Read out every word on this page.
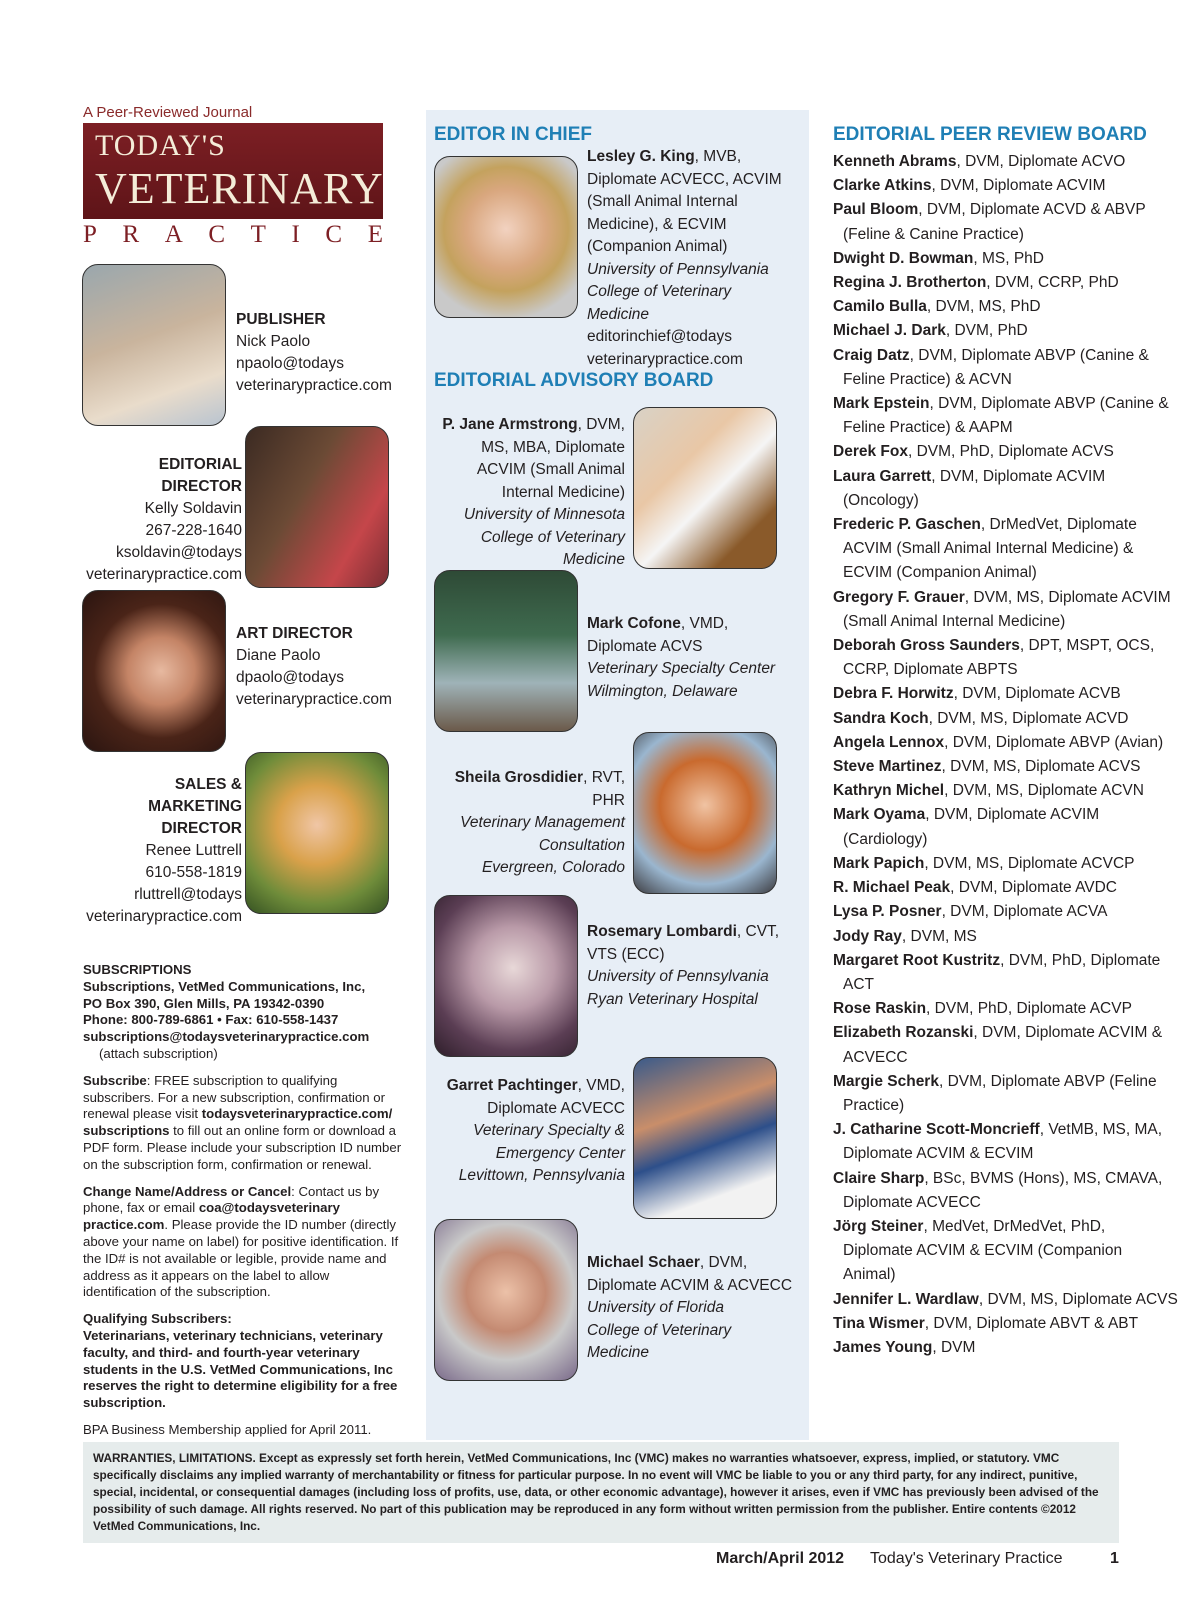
A Peer-Reviewed Journal
TODAY'S
VETERINARY
P R A C T I C E
PUBLISHER
Nick Paolo
npaolo@todays
veterinarypractice.com
EDITORIAL DIRECTOR
Kelly Soldavin
267-228-1640
ksoldavin@todays
veterinarypractice.com
ART DIRECTOR
Diane Paolo
dpaolo@todays
veterinarypractice.com
SALES & MARKETING
DIRECTOR
Renee Luttrell
610-558-1819
rluttrell@todays
veterinarypractice.com

SUBSCRIPTIONS
Subscriptions, VetMed Communications, Inc,
PO Box 390, Glen Mills, PA 19342-0390
Phone: 800-789-6861 • Fax: 610-558-1437
subscriptions@todaysveterinarypractice.com
(attach subscription)

Subscribe: FREE subscription to qualifying subscribers. For a new subscription, confirmation or renewal please visit todaysveterinarypractice.com/ subscriptions to fill out an online form or download a PDF form. Please include your subscription ID number on the subscription form, confirmation or renewal.

Change Name/Address or Cancel: Contact us by phone, fax or email coa@todaysveterinary practice.com. Please provide the ID number (directly above your name on label) for positive identification. If the ID# is not available or legible, provide name and address as it appears on the label to allow identification of the subscription.

Qualifying Subscribers:
Veterinarians, veterinary technicians, veterinary faculty, and third- and fourth-year veterinary students in the U.S. VetMed Communications, Inc reserves the right to determine eligibility for a free subscription.

BPA Business Membership applied for April 2011.

EDITOR IN CHIEF
Lesley G. King, MVB, Diplomate ACVECC, ACVIM (Small Animal Internal Medicine), & ECVIM (Companion Animal)
University of Pennsylvania
College of Veterinary Medicine
editorinchief@todays
veterinarypractice.com
EDITORIAL ADVISORY BOARD
P. Jane Armstrong, DVM, MS, MBA, Diplomate ACVIM (Small Animal Internal Medicine)
University of Minnesota
College of Veterinary Medicine
Mark Cofone, VMD, Diplomate ACVS
Veterinary Specialty Center
Wilmington, Delaware
Sheila Grosdidier, RVT, PHR
Veterinary Management
Consultation
Evergreen, Colorado
Rosemary Lombardi, CVT, VTS (ECC)
University of Pennsylvania
Ryan Veterinary Hospital
Garret Pachtinger, VMD, Diplomate ACVECC
Veterinary Specialty &
Emergency Center
Levittown, Pennsylvania
Michael Schaer, DVM, Diplomate ACVIM & ACVECC
University of Florida
College of Veterinary Medicine
EDITORIAL PEER REVIEW BOARD
Kenneth Abrams, DVM, Diplomate ACVO
Clarke Atkins, DVM, Diplomate ACVIM
Paul Bloom, DVM, Diplomate ACVD & ABVP (Feline & Canine Practice)
Dwight D. Bowman, MS, PhD
Regina J. Brotherton, DVM, CCRP, PhD
Camilo Bulla, DVM, MS, PhD
Michael J. Dark, DVM, PhD
Craig Datz, DVM, Diplomate ABVP (Canine & Feline Practice) & ACVN
Mark Epstein, DVM, Diplomate ABVP (Canine & Feline Practice) & AAPM
Derek Fox, DVM, PhD, Diplomate ACVS
Laura Garrett, DVM, Diplomate ACVIM (Oncology)
Frederic P. Gaschen, DrMedVet, Diplomate ACVIM (Small Animal Internal Medicine) & ECVIM (Companion Animal)
Gregory F. Grauer, DVM, MS, Diplomate ACVIM (Small Animal Internal Medicine)
Deborah Gross Saunders, DPT, MSPT, OCS, CCRP, Diplomate ABPTS
Debra F. Horwitz, DVM, Diplomate ACVB
Sandra Koch, DVM, MS, Diplomate ACVD
Angela Lennox, DVM, Diplomate ABVP (Avian)
Steve Martinez, DVM, MS, Diplomate ACVS
Kathryn Michel, DVM, MS, Diplomate ACVN
Mark Oyama, DVM, Diplomate ACVIM (Cardiology)
Mark Papich, DVM, MS, Diplomate ACVCP
R. Michael Peak, DVM, Diplomate AVDC
Lysa P. Posner, DVM, Diplomate ACVA
Jody Ray, DVM, MS
Margaret Root Kustritz, DVM, PhD, Diplomate ACT
Rose Raskin, DVM, PhD, Diplomate ACVP
Elizabeth Rozanski, DVM, Diplomate ACVIM & ACVECC
Margie Scherk, DVM, Diplomate ABVP (Feline Practice)
J. Catharine Scott-Moncrieff, VetMB, MS, MA, Diplomate ACVIM & ECVIM
Claire Sharp, BSc, BVMS (Hons), MS, CMAVA, Diplomate ACVECC
Jörg Steiner, MedVet, DrMedVet, PhD, Diplomate ACVIM & ECVIM (Companion Animal)
Jennifer L. Wardlaw, DVM, MS, Diplomate ACVS
Tina Wismer, DVM, Diplomate ABVT & ABT
James Young, DVM
WARRANTIES, LIMITATIONS. Except as expressly set forth herein, VetMed Communications, Inc (VMC) makes no warranties whatsoever, express, implied, or statutory. VMC specifically disclaims any implied warranty of merchantability or fitness for particular purpose. In no event will VMC be liable to you or any third party, for any indirect, punitive, special, incidental, or consequential damages (including loss of profits, use, data, or other economic advantage), however it arises, even if VMC has previously been advised of the possibility of such damage. All rights reserved. No part of this publication may be reproduced in any form without written permission from the publisher. Entire contents ©2012 VetMed Communications, Inc.
March/April 2012 Today's Veterinary Practice	1
